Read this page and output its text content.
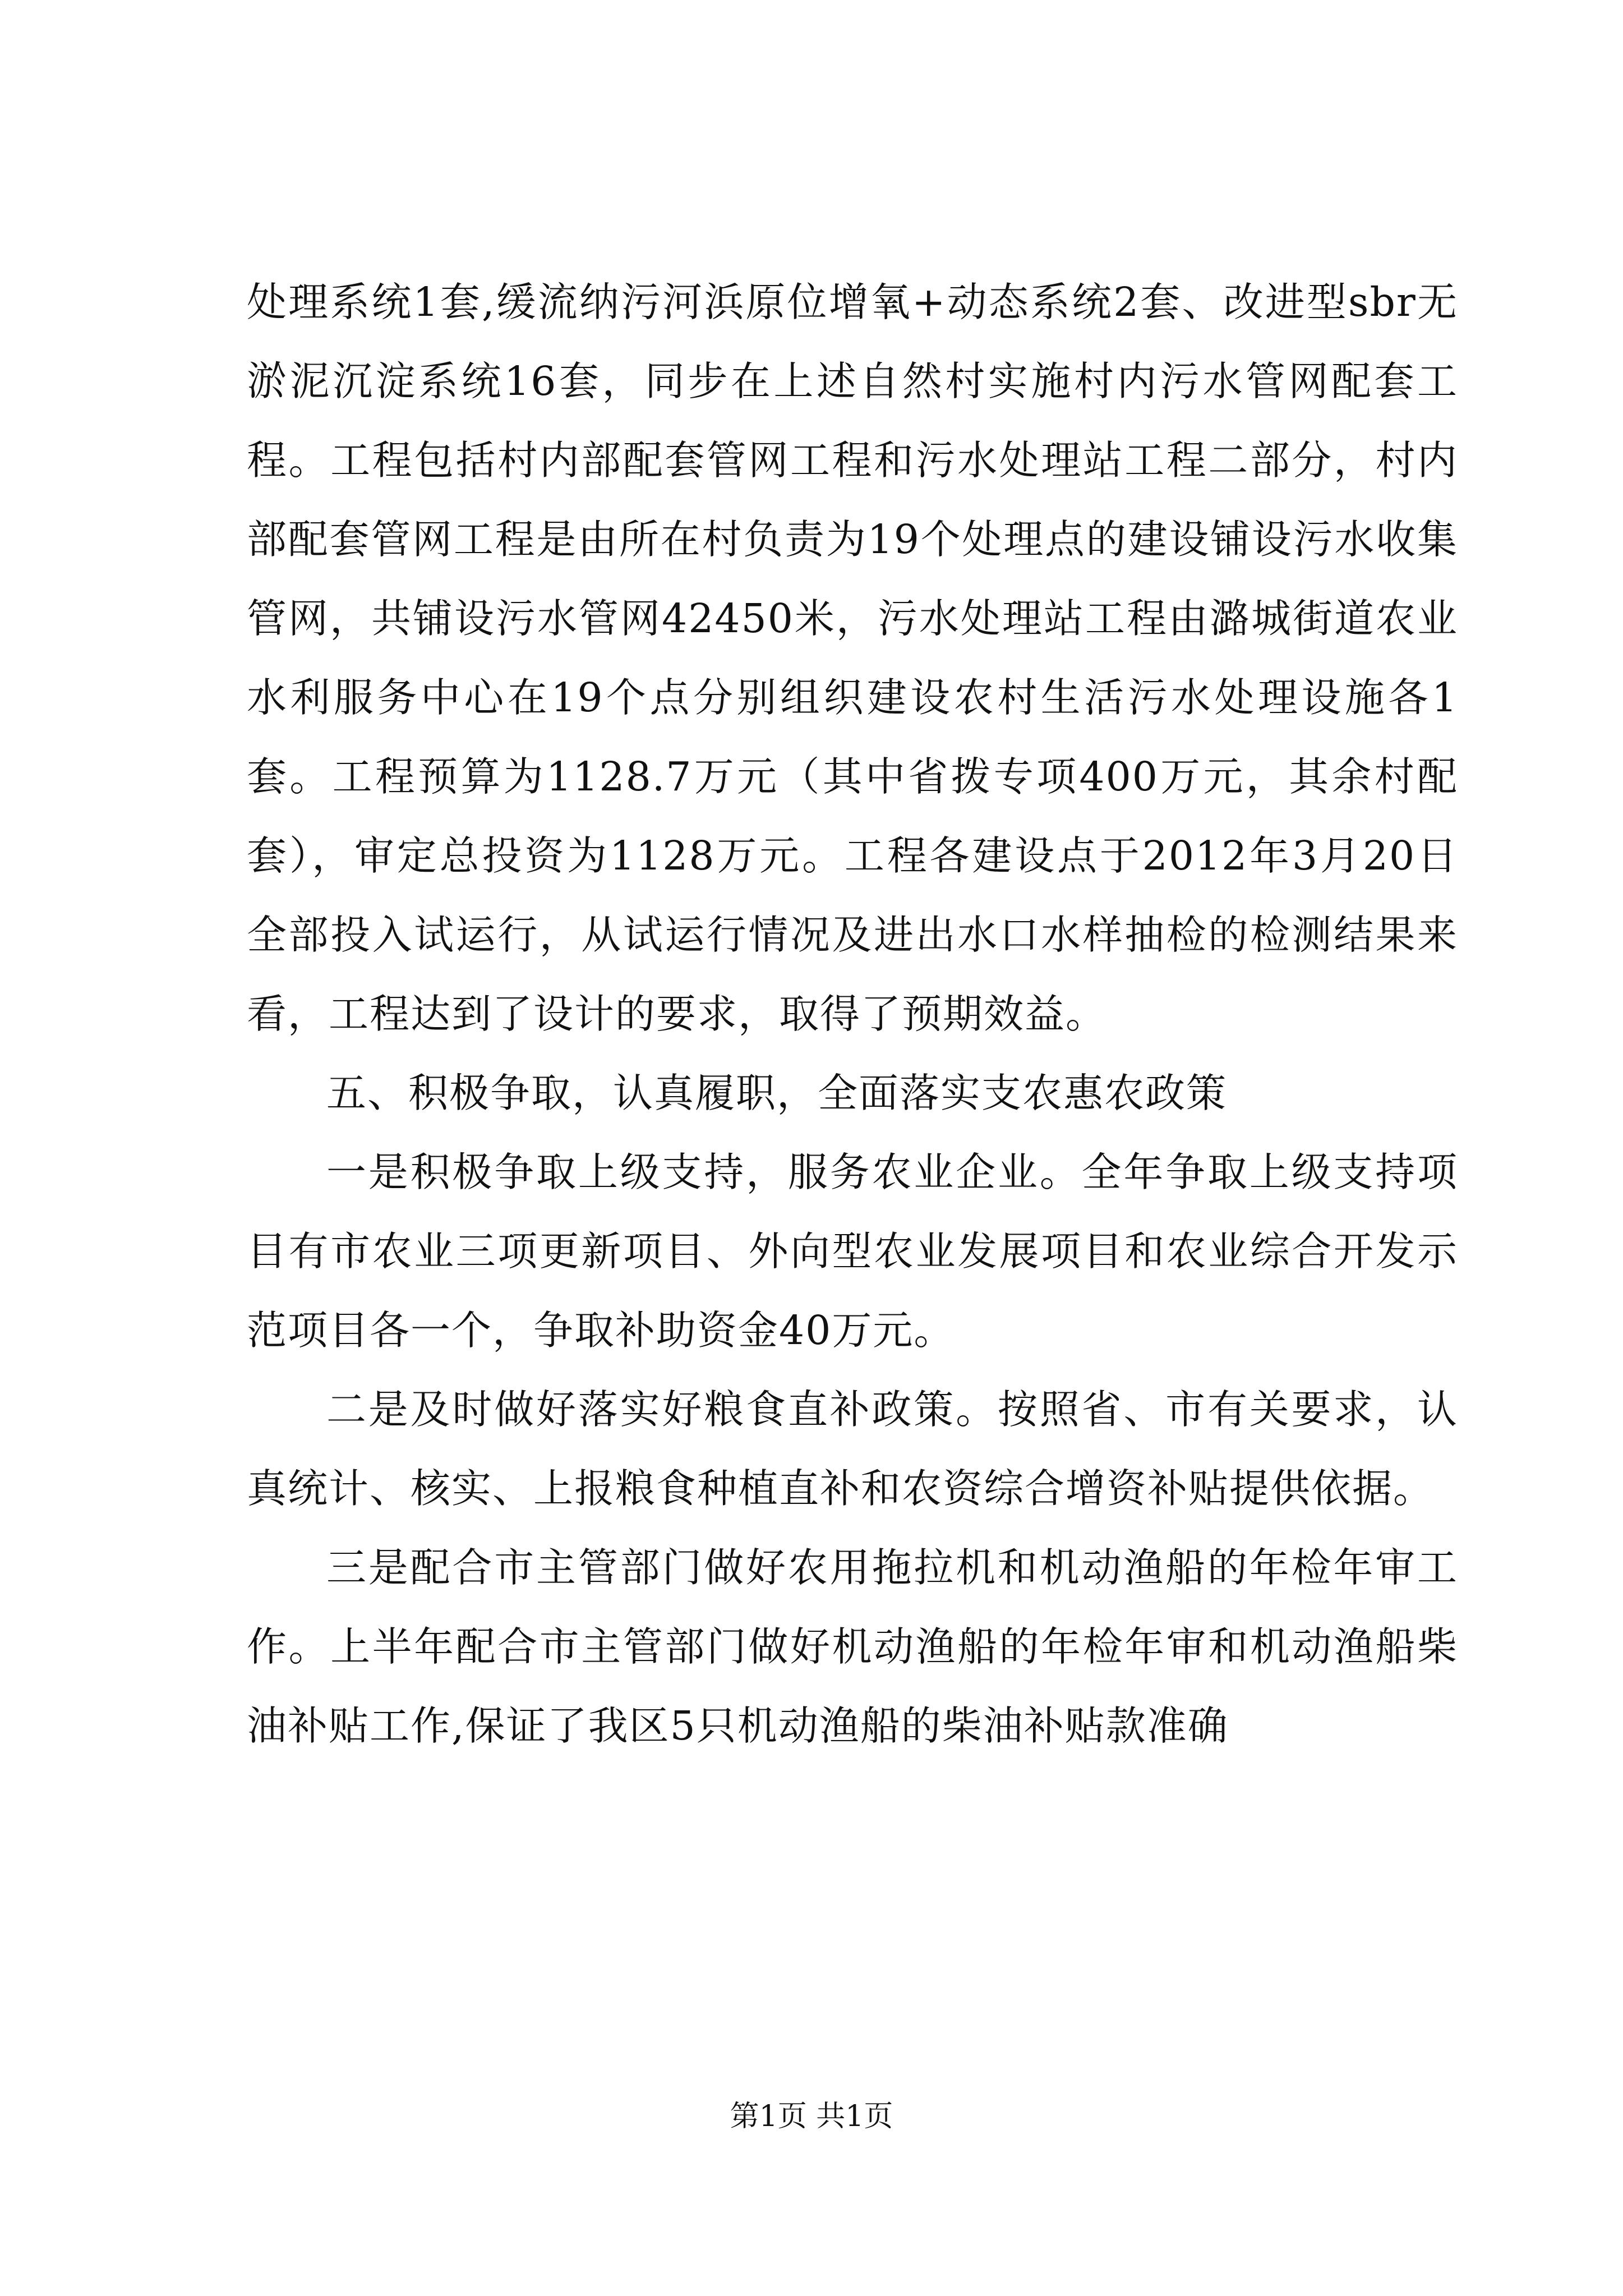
处理系统1套,缓流纳污河浜原位增氧+动态系统2套、改进型sbr无淤泥沉淀系统16套，同步在上述自然村实施村内污水管网配套工程。工程包括村内部配套管网工程和污水处理站工程二部分，村内部配套管网工程是由所在村负责为19个处理点的建设铺设污水收集管网，共铺设污水管网42450米，污水处理站工程由潞城街道农业水利服务中心在19个点分别组织建设农村生活污水处理设施各1套。工程预算为1128.7万元（其中省拨专项400万元，其余村配套），审定总投资为1128万元。工程各建设点于2012年3月20日全部投入试运行，从试运行情况及进出水口水样抽检的检测结果来看，工程达到了设计的要求，取得了预期效益。

五、积极争取，认真履职，全面落实支农惠农政策

一是积极争取上级支持，服务农业企业。全年争取上级支持项目有市农业三项更新项目、外向型农业发展项目和农业综合开发示范项目各一个，争取补助资金40万元。

二是及时做好落实好粮食直补政策。按照省、市有关要求，认真统计、核实、上报粮食种植直补和农资综合增资补贴提供依据。

三是配合市主管部门做好农用拖拉机和机动渔船的年检年审工作。上半年配合市主管部门做好机动渔船的年检年审和机动渔船柴油补贴工作,保证了我区5只机动渔船的柴油补贴款准确

第1页 共1页
